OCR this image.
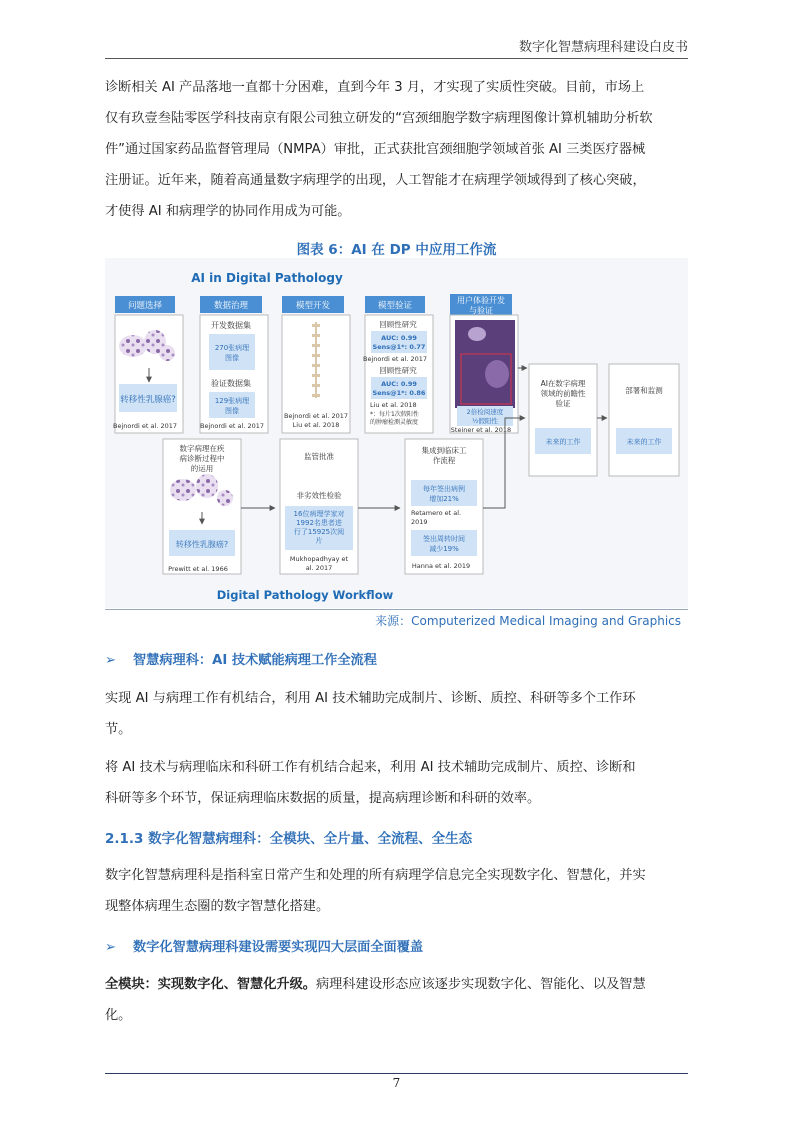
数字化智慧病理科建设白皮书
诊断相关 AI 产品落地一直都十分困难，直到今年 3 月，才实现了实质性突破。目前，市场上
仅有玖壹叁陆零医学科技南京有限公司独立研发的“宫颈细胞学数字病理图像计算机辅助分析软
件”通过国家药品监督管理局（NMPA）审批，正式获批宫颈细胞学领域首张 AI 三类医疗器械
注册证。近年来，随着高通量数字病理学的出现，人工智能才在病理学领域得到了核心突破，
才使得 AI 和病理学的协同作用成为可能。
图表 6：AI 在 DP 中应用工作流
AI in Digital Pathology
问题选择	数据治理	模型开发	模型验证
用户体验开发
与验证
转移性乳腺癌?
Bejnordi et al. 2017
开发数据集
270张病理
图像
验证数据集
129张病理
图像
Bejnordi et al. 2017
Bejnordi et al. 2017
Liu et al. 2018
回顾性研究
AUC: 0.99
Sens@1*: 0.77
Bejnordi et al. 2017
回顾性研究
AUC: 0.99
Sens@1*: 0.86
Liu et al. 2018
*：每片1次假阳性
的肿瘤检测灵敏度
2倍检阅速度
½假阳性
Steiner et al. 2018
AI在数字病理
领域的前瞻性
验证
未来的工作
部署和监测
未来的工作
数字病理在疾
病诊断过程中
的运用
转移性乳腺癌?
Prewitt et al. 1966
监管批准
非劣效性检验
16位病理学家对
1992名患者进
行了15925次阅
片
Mukhopadhyay et
al. 2017
集成到临床工
作流程
每年签出病例
增加21%
Retamero et al.
2019
签出周转时间
减少19%
Hanna et al. 2019
Digital Pathology Workflow
来源：Computerized Medical Imaging and Graphics
➢ 智慧病理科：AI 技术赋能病理工作全流程
实现 AI 与病理工作有机结合，利用 AI 技术辅助完成制片、诊断、质控、科研等多个工作环
节。
将 AI 技术与病理临床和科研工作有机结合起来，利用 AI 技术辅助完成制片、质控、诊断和
科研等多个环节，保证病理临床数据的质量，提高病理诊断和科研的效率。
2.1.3 数字化智慧病理科：全模块、全片量、全流程、全生态
数字化智慧病理科是指科室日常产生和处理的所有病理学信息完全实现数字化、智慧化，并实
现整体病理生态圈的数字智慧化搭建。
➢ 数字化智慧病理科建设需要实现四大层面全面覆盖
全模块：实现数字化、智慧化升级。病理科建设形态应该逐步实现数字化、智能化、以及智慧
化。
7
